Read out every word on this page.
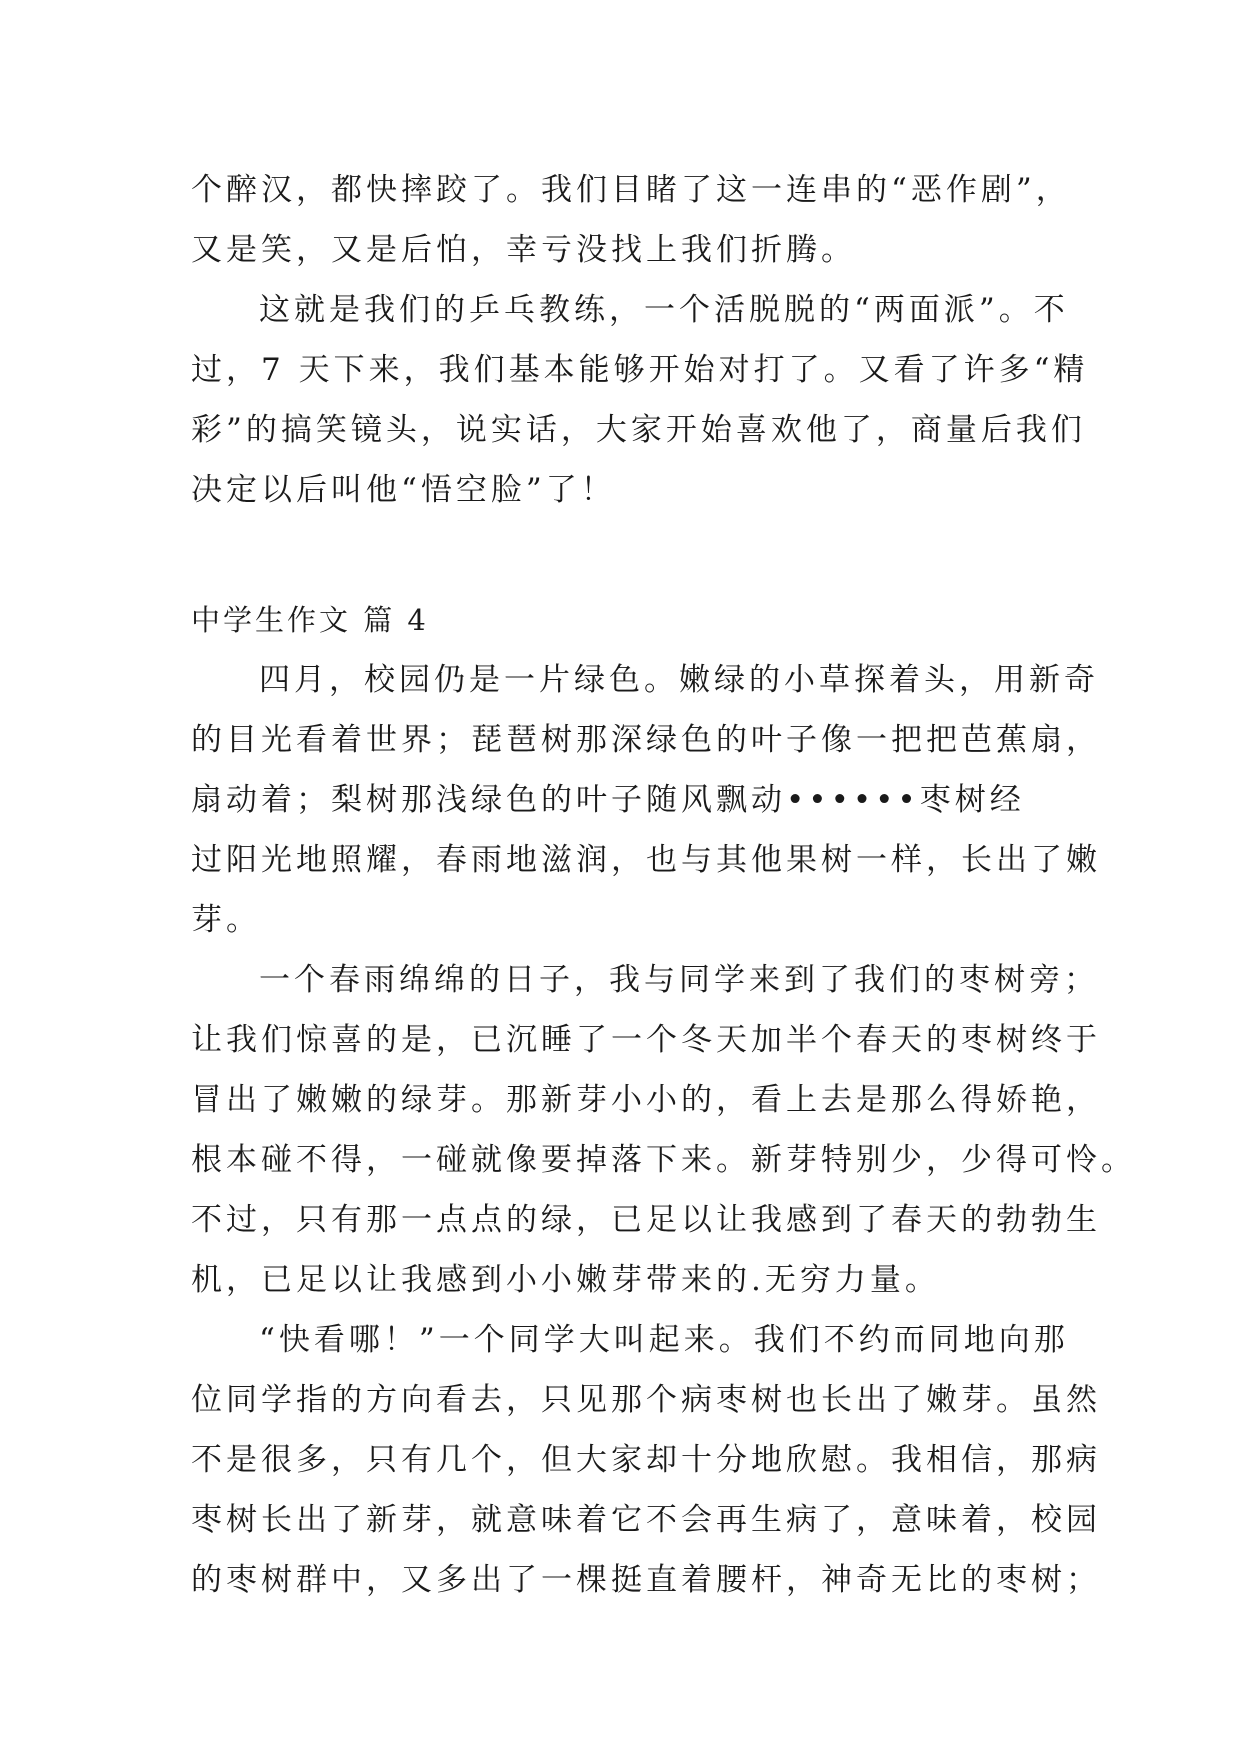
个醉汉，都快摔跤了。我们目睹了这一连串的“恶作剧”，
又是笑，又是后怕，幸亏没找上我们折腾。
这就是我们的乒乓教练，一个活脱脱的“两面派”。不
过，7 天下来，我们基本能够开始对打了。又看了许多“精
彩”的搞笑镜头，说实话，大家开始喜欢他了，商量后我们
决定以后叫他“悟空脸”了！
中学生作文 篇 4
四月，校园仍是一片绿色。嫩绿的小草探着头，用新奇
的目光看着世界；琵琶树那深绿色的叶子像一把把芭蕉扇，
扇动着；梨树那浅绿色的叶子随风飘动••••••枣树经
过阳光地照耀，春雨地滋润，也与其他果树一样，长出了嫩
芽。
一个春雨绵绵的日子，我与同学来到了我们的枣树旁；
让我们惊喜的是，已沉睡了一个冬天加半个春天的枣树终于
冒出了嫩嫩的绿芽。那新芽小小的，看上去是那么得娇艳，
根本碰不得，一碰就像要掉落下来。新芽特别少，少得可怜。
不过，只有那一点点的绿，已足以让我感到了春天的勃勃生
机，已足以让我感到小小嫩芽带来的.无穷力量。
“快看哪！”一个同学大叫起来。我们不约而同地向那
位同学指的方向看去，只见那个病枣树也长出了嫩芽。虽然
不是很多，只有几个，但大家却十分地欣慰。我相信，那病
枣树长出了新芽，就意味着它不会再生病了，意味着，校园
的枣树群中，又多出了一棵挺直着腰杆，神奇无比的枣树；
